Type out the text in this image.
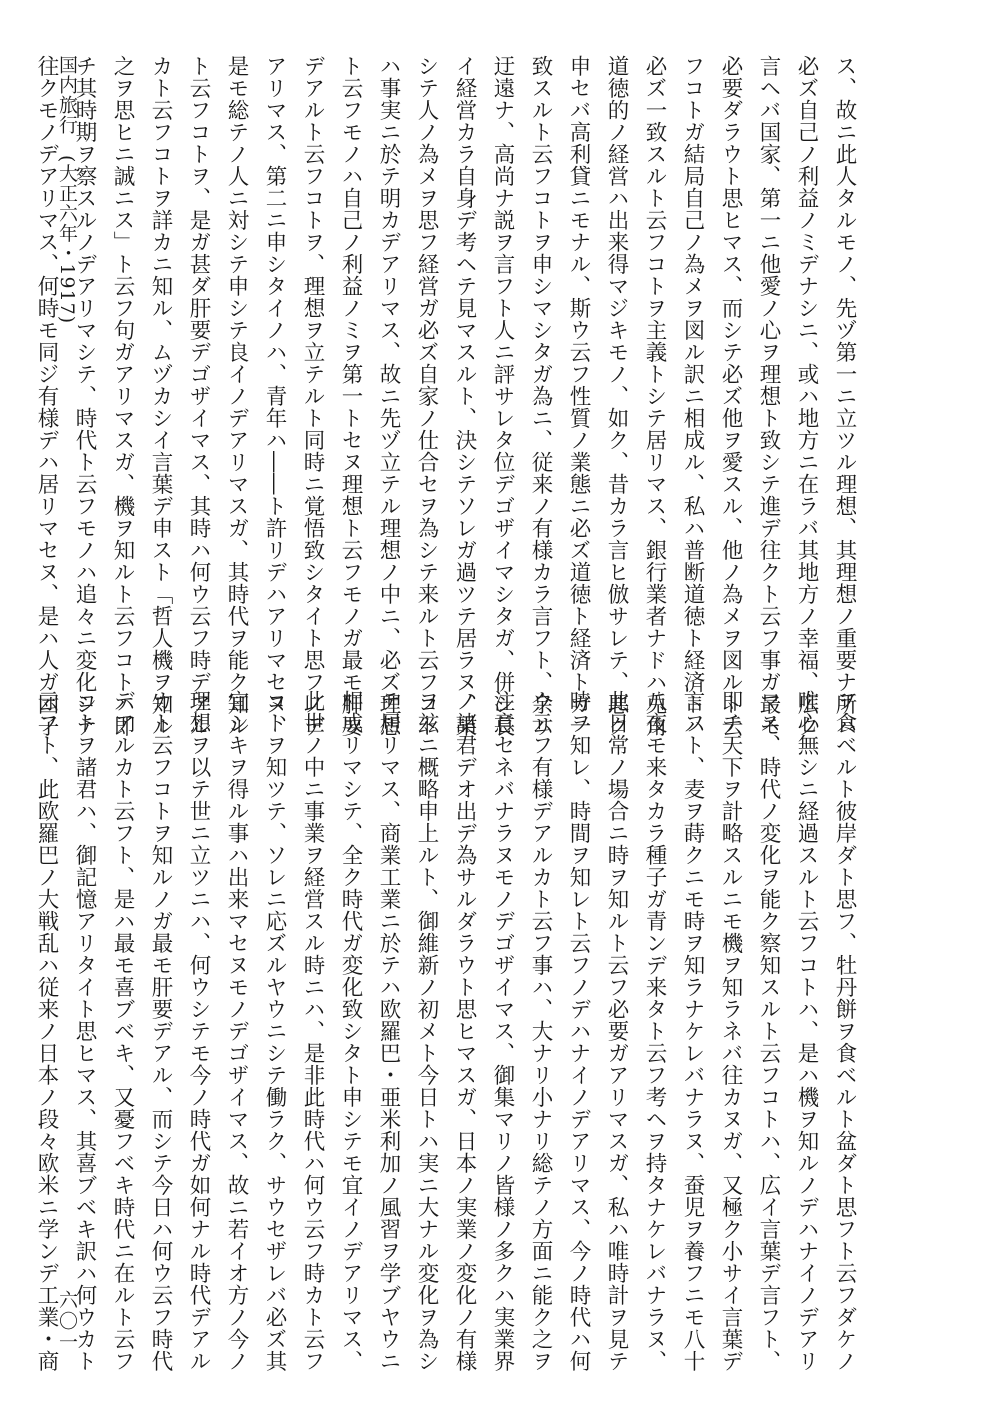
国内旅行　(大正六年・1917)	ス、故ニ此人タルモノ、先ヅ第一ニ立ツル理想、其理想ノ重要ナ所ハ

必ズ自己ノ利益ノミデナシニ、或ハ地方ニ在ラバ其地方ノ幸福、広ク

言ヘバ国家、第一ニ他愛ノ心ヲ理想ト致シテ進デ往クト云フ事ガ最モ

必要ダラウト思ヒマス、而シテ必ズ他ヲ愛スル、他ノ為メヲ図ルト云

フコトガ結局自己ノ為メヲ図ル訳ニ相成ル、私ハ普断道徳ト経済トハ

必ズ一致スルト云フコトヲ主義トシテ居リマス、銀行業者ナドハ兎角

道徳的ノ経営ハ出来得マジキモノ、如ク、昔カラ言ヒ倣サレテ、悪ク

申セバ高利貸ニモナル、斯ウ云フ性質ノ業態ニ必ズ道徳ト経済トガ一

致スルト云フコトヲ申シマシタガ為ニ、従来ノ有様カラ言フト、余リ

迂遠ナ、高尚ナ説ヲ言フト人ニ評サレタ位デゴザイマシタガ、併シ長

イ経営カラ自身デ考ヘテ見マスルト、決シテソレガ過ツテ居ラヌ、果

シテ人ノ為メヲ思フ経営ガ必ズ自家ノ仕合セヲ為シテ来ルト云フコト

ハ事実ニ於テ明カデアリマス、故ニ先ヅ立テル理想ノ中ニ、必ズ理想

ト云フモノハ自己ノ利益ノミヲ第一トセヌ理想ト云フモノガ最モ肝要

デアルト云フコトヲ、理想ヲ立テルト同時ニ覚悟致シタイト思フノデ

アリマス、第二ニ申シタイノハ、青年ハ――ト許リデハアリマセヌ、

是モ総テノ人ニ対シテ申シテ良イノデアリマスガ、其時代ヲ能ク知ル

ト云フコトヲ、是ガ甚ダ肝要デゴザイマス、其時ハ何ウ云フ時デアル

カト云フコトヲ詳カニ知ル、ムヅカシイ言葉デ申スト「哲人機ヲ知ル

之ヲ思ヒニ誠ニス」ト云フ句ガアリマスガ、機ヲ知ルト云フコトハ即

チ其時期ヲ察スルノデアリマシテ、時代ト云フモノハ追々ニ変化シテ

往クモノデアリマス、何時モ同ジ有様デハ居リマセヌ、是ハ人ガ団子

ヲ食ベルト彼岸ダト思フ、牡丹餅ヲ食ベルト盆ダト思フト云フダケノ

唯心無シニ経過スルト云フコトハ、是ハ機ヲ知ルノデハナイノデアリ

マス、時代ノ変化ヲ能ク察知スルト云フコトハ、広イ言葉デ言フト、

即チ天下ヲ計略スルニモ機ヲ知ラネバ往カヌガ、又極ク小サイ言葉デ

言フト、麦ヲ蒔クニモ時ヲ知ラナケレバナラヌ、蚕児ヲ養フニモ八十

八夜モ来タカラ種子ガ青ンデ来タト云フ考ヘヲ持タナケレバナラヌ、

此日常ノ場合ニ時ヲ知ルト云フ必要ガアリマスガ、私ハ唯時計ヲ見テ

時ヲ知レ、時間ヲ知レト云フノデハナイノデアリマス、今ノ時代ハ何

ウ云フ有様デアルカト云フ事ハ、大ナリ小ナリ総テノ方面ニ能ク之ヲ

注意セネバナラヌモノデゴザイマス、御集マリノ皆様ノ多クハ実業界

ノ諸君デオ出デ為サルダラウト思ヒマスガ、日本ノ実業ノ変化ノ有様

ヲ玆ニ概略申上ルト、御維新ノ初メト今日トハ実ニ大ナル変化ヲ為シ

テ居リマス、商業工業ニ於テハ欧羅巴・亜米利加ノ風習ヲ学ブヤウニ

相成リマシテ、全ク時代ガ変化致シタト申シテモ宜イノデアリマス、

此世ノ中ニ事業ヲ経営スル時ニハ、是非此時代ハ何ウ云フ時カト云フ

コトヲ知ツテ、ソレニ応ズルヤウニシテ働ラク、サウセザレバ必ズ其

宜シキヲ得ル事ハ出来マセヌモノデゴザイマス、故ニ若イオ方ノ今ノ

理想ヲ以テ世ニ立ツニハ、何ウシテモ今ノ時代ガ如何ナル時代デアル

カト云フコトヲ知ルノガ最モ肝要デアル、而シテ今日ハ何ウ云フ時代

デアルカト云フト、是ハ最モ喜ブベキ、又憂フベキ時代ニ在ルト云フ

コトヲ諸君ハ、御記憶アリタイト思ヒマス、其喜ブベキ訳ハ何ウカト

云フト、此欧羅巴ノ大戦乱ハ従来ノ日本ノ段々欧米ニ学ンデ工業・商

六〇一
